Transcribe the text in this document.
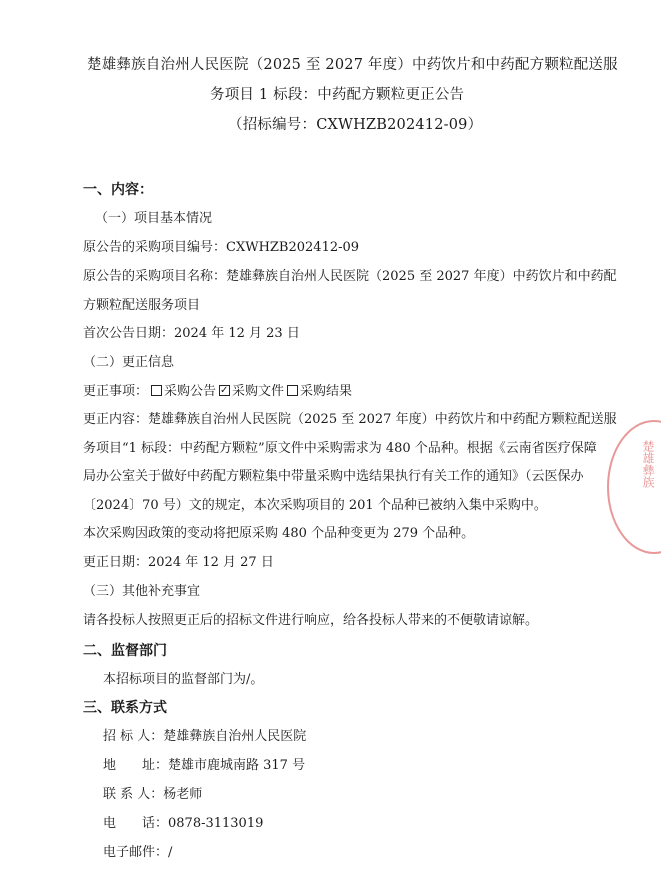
楚雄彝族自治州人民医院（2025 至 2027 年度）中药饮片和中药配方颗粒配送服
务项目 1 标段：中药配方颗粒更正公告
（招标编号：CXWHZB202412-09）
一、内容：
（一）项目基本情况
原公告的采购项目编号：CXWHZB202412-09
原公告的采购项目名称：楚雄彝族自治州人民医院（2025 至 2027 年度）中药饮片和中药配
方颗粒配送服务项目
首次公告日期：2024 年 12 月 23 日
（二）更正信息
更正事项： 采购公告✓ 采购文件 采购结果
更正内容：楚雄彝族自治州人民医院（2025 至 2027 年度）中药饮片和中药配方颗粒配送服
务项目“1 标段：中药配方颗粒”原文件中采购需求为 480 个品种。根据《云南省医疗保障
局办公室关于做好中药配方颗粒集中带量采购中选结果执行有关工作的通知》（云医保办
〔2024〕70 号）文的规定，本次采购项目的 201 个品种已被纳入集中采购中。
本次采购因政策的变动将把原采购 480 个品种变更为 279 个品种。
更正日期：2024 年 12 月 27 日
（三）其他补充事宜
请各投标人按照更正后的招标文件进行响应，给各投标人带来的不便敬请谅解。
二、监督部门
本招标项目的监督部门为/。
三、联系方式
招 标 人：楚雄彝族自治州人民医院
地　　址：楚雄市鹿城南路 317 号
联 系 人：杨老师
电　　话：0878-3113019
电子邮件：/
楚雄彝族
